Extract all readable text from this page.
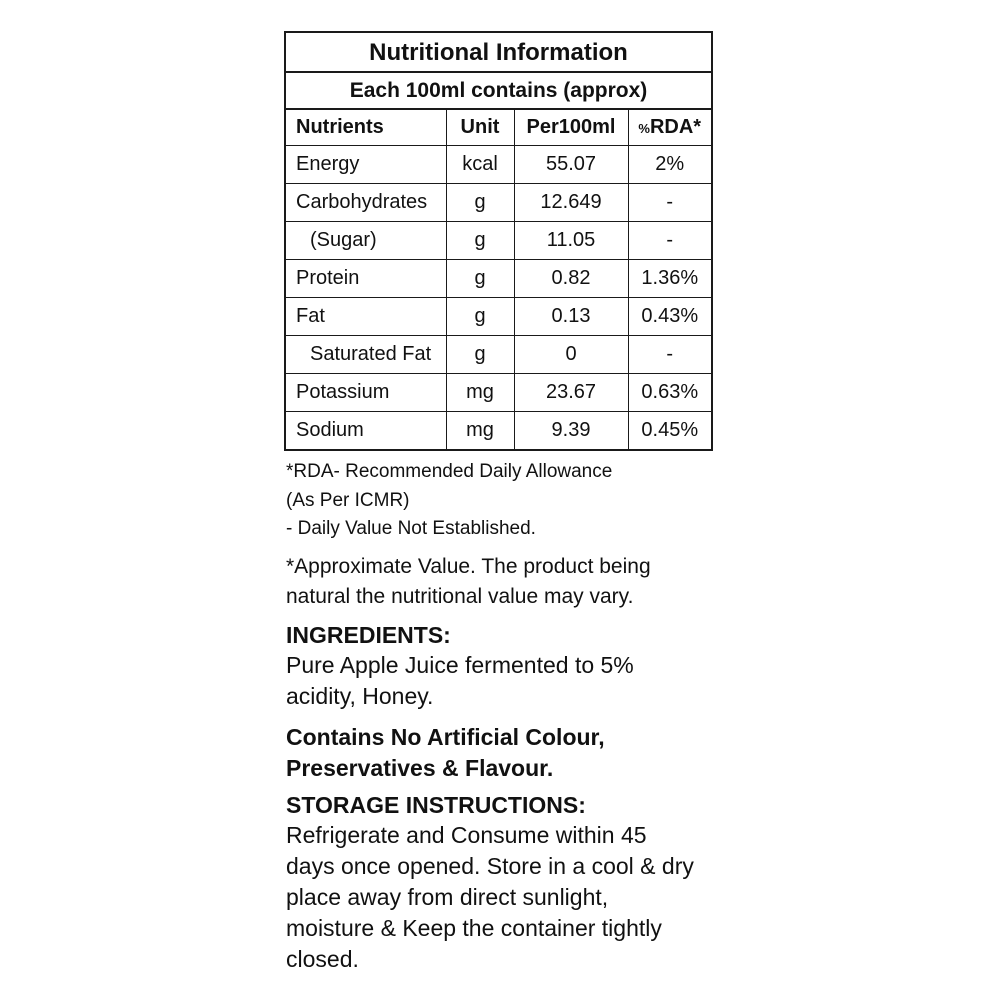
Nutritional Information
Each 100ml contains (approx)
Nutrients	Unit	Per100ml	%RDA*
Energy	kcal	55.07	2%
Carbohydrates	g	12.649	-
(Sugar)	g	11.05	-
Protein	g	0.82	1.36%
Fat	g	0.13	0.43%
Saturated Fat	g	0	-
Potassium	mg	23.67	0.63%
Sodium	mg	9.39	0.45%
*RDA- Recommended Daily Allowance
(As Per ICMR)
- Daily Value Not Established.
*Approximate Value. The product being
natural the nutritional value may vary.
INGREDIENTS:
Pure Apple Juice fermented to 5%
acidity, Honey.
Contains No Artificial Colour,
Preservatives & Flavour.
STORAGE INSTRUCTIONS:
Refrigerate and Consume within 45
days once opened. Store in a cool & dry
place away from direct sunlight,
moisture & Keep the container tightly
closed.
